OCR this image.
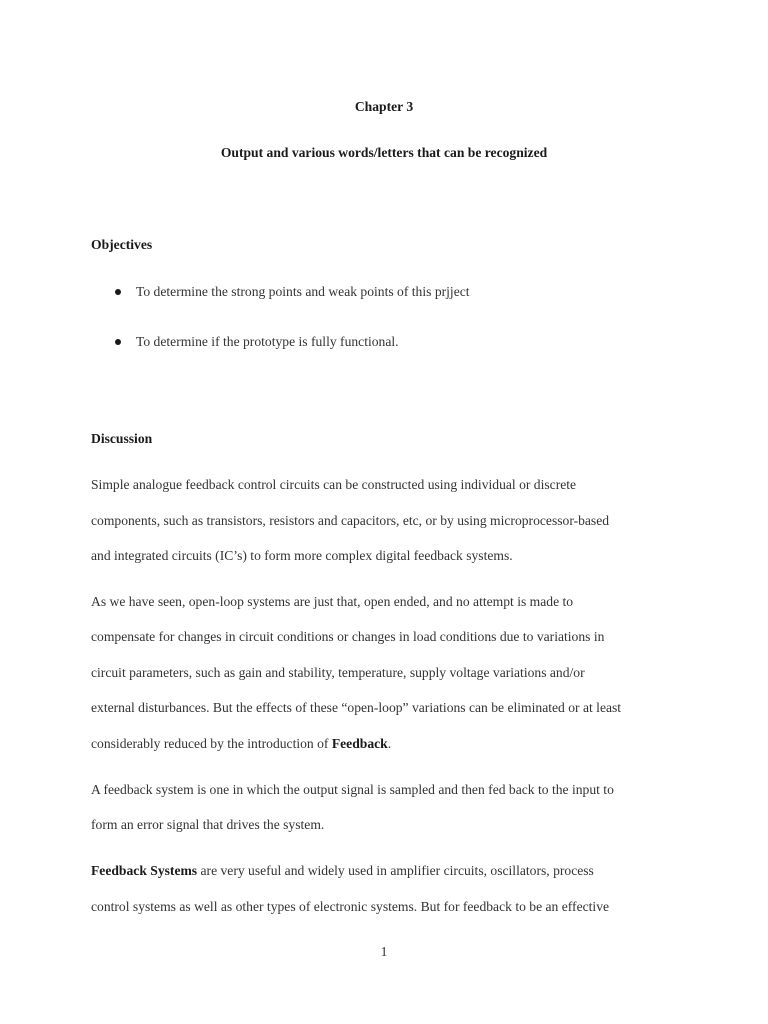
Chapter 3
Output and various words/letters that can be recognized
Objectives
To determine the strong points and weak points of this prjject
To determine if the prototype is fully functional.
Discussion
Simple analogue feedback control circuits can be constructed using individual or discrete
components, such as transistors, resistors and capacitors, etc, or by using microprocessor-based
and integrated circuits (IC’s) to form more complex digital feedback systems.
As we have seen, open-loop systems are just that, open ended, and no attempt is made to
compensate for changes in circuit conditions or changes in load conditions due to variations in
circuit parameters, such as gain and stability, temperature, supply voltage variations and/or
external disturbances. But the effects of these “open-loop” variations can be eliminated or at least
considerably reduced by the introduction of Feedback.
A feedback system is one in which the output signal is sampled and then fed back to the input to
form an error signal that drives the system.
Feedback Systems are very useful and widely used in amplifier circuits, oscillators, process
control systems as well as other types of electronic systems. But for feedback to be an effective
1
